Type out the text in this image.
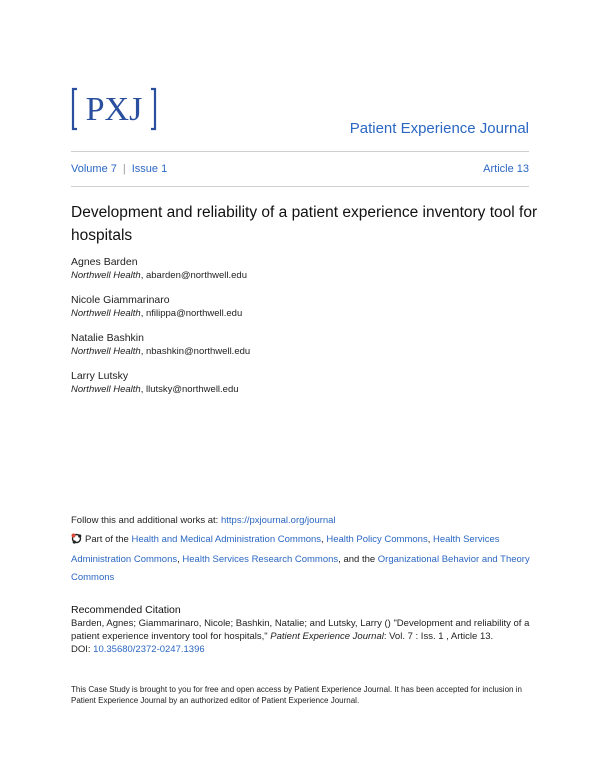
PXJ
Patient Experience Journal
Volume 7 | Issue 1	Article 13
Development and reliability of a patient experience inventory tool for hospitals
Agnes Barden
Northwell Health, abarden@northwell.edu
Nicole Giammarinaro
Northwell Health, nfilippa@northwell.edu
Natalie Bashkin
Northwell Health, nbashkin@northwell.edu
Larry Lutsky
Northwell Health, llutsky@northwell.edu
Follow this and additional works at: https://pxjournal.org/journal
Part of the Health and Medical Administration Commons, Health Policy Commons, Health Services Administration Commons, Health Services Research Commons, and the Organizational Behavior and Theory Commons
Recommended Citation
Barden, Agnes; Giammarinaro, Nicole; Bashkin, Natalie; and Lutsky, Larry () "Development and reliability of a patient experience inventory tool for hospitals," Patient Experience Journal: Vol. 7 : Iss. 1 , Article 13.
DOI: 10.35680/2372-0247.1396
This Case Study is brought to you for free and open access by Patient Experience Journal. It has been accepted for inclusion in Patient Experience Journal by an authorized editor of Patient Experience Journal.
